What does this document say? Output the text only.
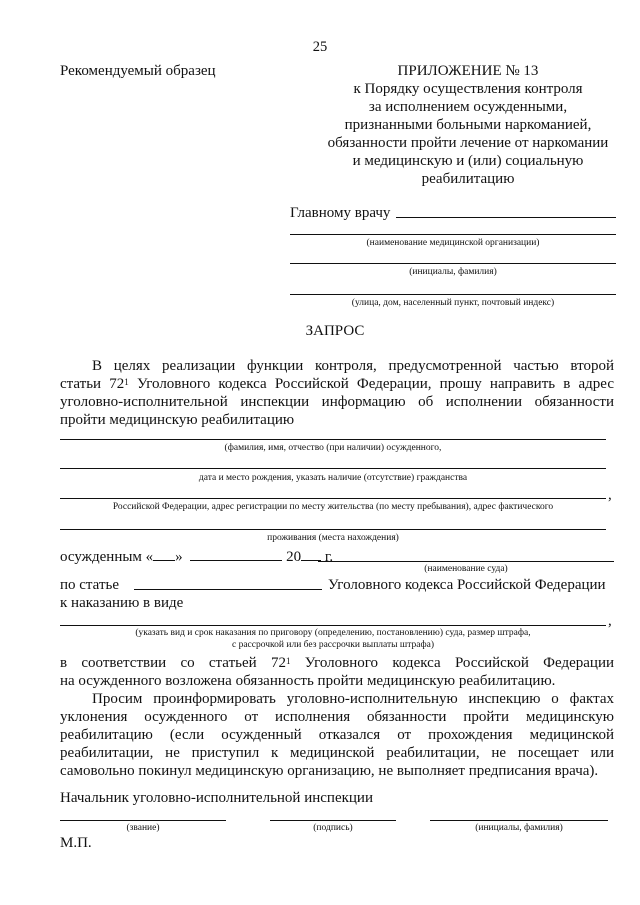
25
Рекомендуемый образец	ПРИЛОЖЕНИЕ № 13
к Порядку осуществления контроля
за исполнением осужденными,
признанными больными наркоманией,
обязанности пройти лечение от наркомании
и медицинскую и (или) социальную
реабилитацию
Главному врачу
(наименование медицинской организации)
(инициалы, фамилия)
(улица, дом, населенный пункт, почтовый индекс)
ЗАПРОС
В целях реализации функции контроля, предусмотренной частью второй
статьи $72^1$ Уголовного кодекса Российской Федерации, прошу направить в адрес
уголовно-исполнительной инспекции информацию об исполнении обязанности
пройти медицинскую реабилитацию
(фамилия, имя, отчество (при наличии) осужденного,
дата и место рождения, указать наличие (отсутствие) гражданства
,
Российской Федерации, адрес регистрации по месту жительства (по месту пребывания), адрес фактического
проживания (места нахождения)
осужденным « »	20 г.
(наименование суда)
по статье	Уголовного кодекса Российской Федерации
к наказанию в виде
,
(указать вид и срок наказания по приговору (определению, постановлению) суда, размер штрафа,
с рассрочкой или без рассрочки выплаты штрафа)
в соответствии со статьей $72^1$ Уголовного кодекса Российской Федерации
на осужденного возложена обязанность пройти медицинскую реабилитацию.
Просим проинформировать уголовно-исполнительную инспекцию о фактах
уклонения осужденного от исполнения обязанности пройти медицинскую
реабилитацию (если осужденный отказался от прохождения медицинской
реабилитации, не приступил к медицинской реабилитации, не посещает или
самовольно покинул медицинскую организацию, не выполняет предписания врача).
Начальник уголовно-исполнительной инспекции
(звание)	(подпись)	(инициалы, фамилия)
М.П.
